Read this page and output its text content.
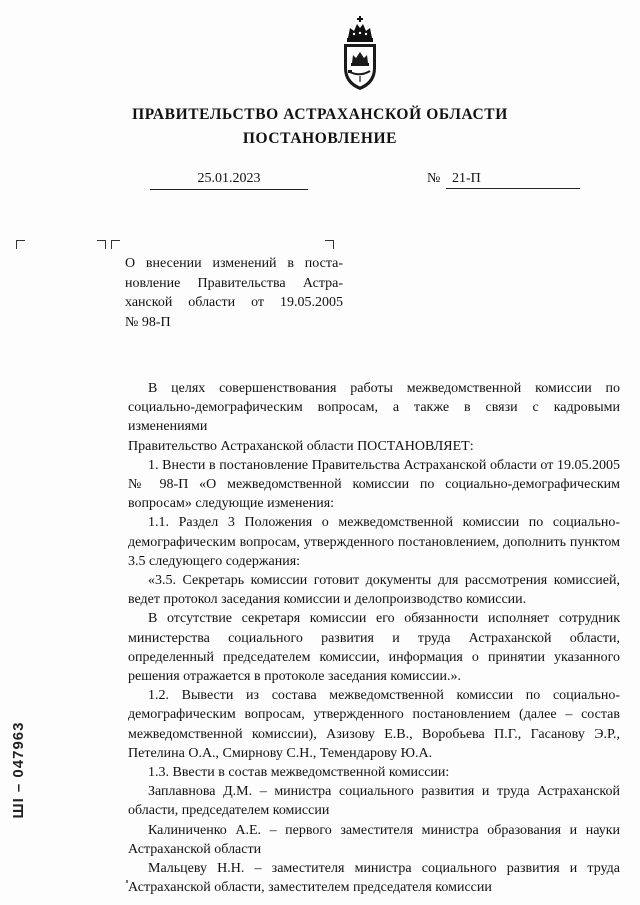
ПРАВИТЕЛЬСТВО АСТРАХАНСКОЙ ОБЛАСТИ
ПОСТАНОВЛЕНИЕ
25.01.2023	№ 21-П
О внесении изменений в поста-
новление Правительства Астра-
ханской области от 19.05.2005
№ 98-П

В целях совершенствования работы межведомственной комиссии по социально-демографическим вопросам, а также в связи с кадровыми изменениями

Правительство Астраханской области ПОСТАНОВЛЯЕТ:

1. Внести в постановление Правительства Астраханской области от 19.05.2005 № 98-П «О межведомственной комиссии по социально-демографическим вопросам» следующие изменения:

1.1. Раздел 3 Положения о межведомственной комиссии по социально-демографическим вопросам, утвержденного постановлением, дополнить пунктом 3.5 следующего содержания:

«3.5. Секретарь комиссии готовит документы для рассмотрения комиссией, ведет протокол заседания комиссии и делопроизводство комиссии.

В отсутствие секретаря комиссии его обязанности исполняет сотрудник министерства социального развития и труда Астраханской области, определенный председателем комиссии, информация о принятии указанного решения отражается в протоколе заседания комиссии.».

1.2. Вывести из состава межведомственной комиссии по социально-демографическим вопросам, утвержденного постановлением (далее – состав межведомственной комиссии), Азизову Е.В., Воробьева П.Г., Гасанову Э.Р., Петелина О.А., Смирнову С.Н., Темендарову Ю.А.

1.3. Ввести в состав межведомственной комиссии:

Заплавнова Д.М. – министра социального развития и труда Астраханской области, председателем комиссии

Калиниченко А.Е. – первого заместителя министра образования и науки Астраханской области

Мальцеву Н.Н. – заместителя министра социального развития и труда Астраханской области, заместителем председателя комиссии

ШI – 047963
